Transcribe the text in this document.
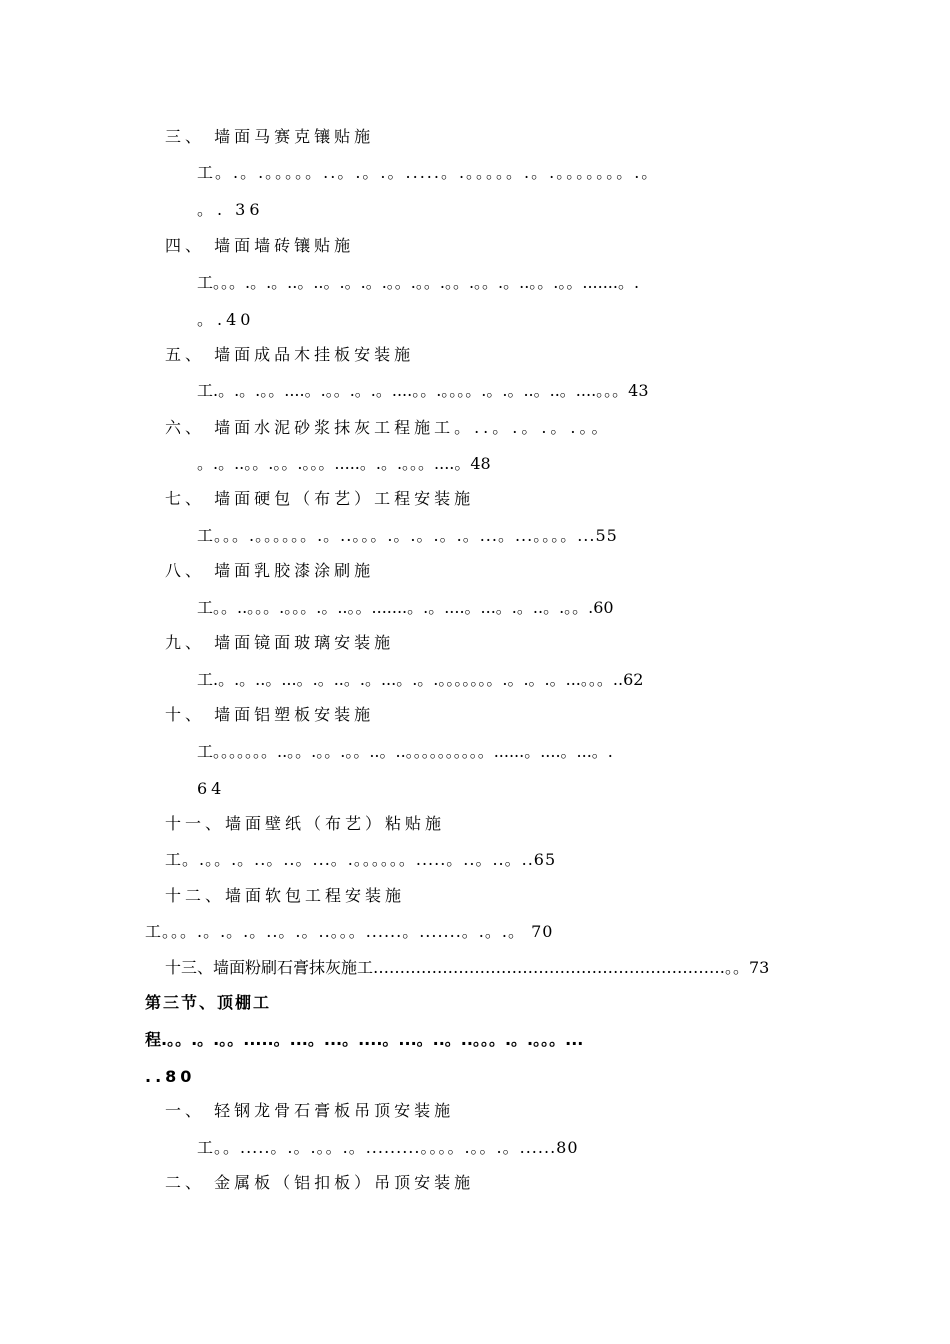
三、 墙面马赛克镶贴施
工。.。.。。。。。..。.。.。.....。.。。。。。.。.。。。。。。。.。
。. 36
四、 墙面墙砖镶贴施
工。。。.。.。..。..。.。.。.。。.。。.。。.。。.。..。。.。。.......。.
。.40
五、 墙面成品木挂板安装施
工.。.。.。。....。.。。.。.。....。。.。。。。.。.。..。..。....。。。43
六、 墙面水泥砂浆抹灰工程施工。..。.。.。.。。
。.。..。。.。。.。。。.....。.。.。。。....。48
七、 墙面硬包（布艺）工程安装施
工。。。.。。。。。。.。..。。。.。.。.。.。...。...。。。。...55
八、 墙面乳胶漆涂刷施
工。。..。。。.。。。.。..。。.......。.。....。...。.。..。.。。.60
九、 墙面镜面玻璃安装施
工.。.。..。...。.。..。.。...。.。.。。。。。。。.。.。.。...。。。..62
十、 墙面铝塑板安装施
工。。。。。。。..。。.。。.。。..。..。。。。。。。。。。......。....。...。.
64
十一、墙面壁纸（布艺）粘贴施
工。.。。.。..。..。...。.。。。。。。.....。..。..。..65
十二、墙面软包工程安装施
工。。。.。.。.。..。.。..。。。......。.......。.。.。 70
十三、墙面粉刷石膏抹灰施工…………………………………………………………。。73
第三节、顶棚工
程.。。.。.。。.....。...。...。....。...。..。..。。。.。.。。。...
..80
一、 轻钢龙骨石膏板吊顶安装施
工。。.....。.。.。。.。.........。。。。.。。.。......80
二、 金属板（铝扣板）吊顶安装施
